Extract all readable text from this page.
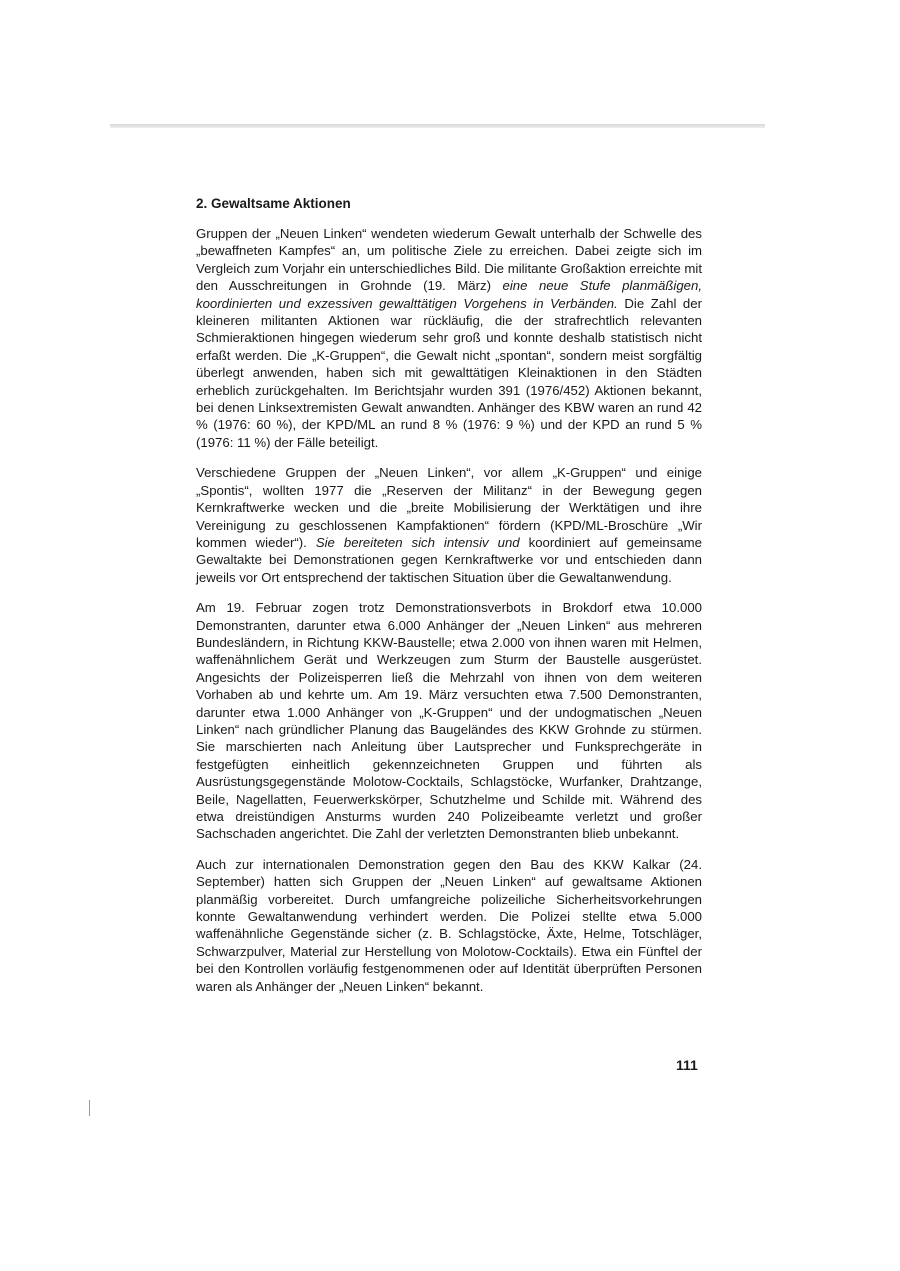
2. Gewaltsame Aktionen

Gruppen der „Neuen Linken“ wendeten wiederum Gewalt unterhalb der Schwelle des „bewaffneten Kampfes“ an, um politische Ziele zu erreichen. Dabei zeigte sich im Vergleich zum Vorjahr ein unterschiedliches Bild. Die militante Großaktion erreichte mit den Ausschreitungen in Grohnde (19. März) eine neue Stufe planmäßigen, koordinierten und exzessiven gewalttätigen Vorgehens in Verbänden. Die Zahl der kleineren militanten Aktionen war rückläufig, die der strafrechtlich relevanten Schmieraktionen hingegen wiederum sehr groß und konnte deshalb statistisch nicht erfaßt werden. Die „K-Gruppen“, die Gewalt nicht „spontan“, sondern meist sorgfältig überlegt anwenden, haben sich mit gewalttätigen Kleinaktionen in den Städten erheblich zurückgehalten. Im Berichtsjahr wurden 391 (1976/452) Aktionen bekannt, bei denen Linksextremisten Gewalt anwandten. Anhänger des KBW waren an rund 42 % (1976: 60 %), der KPD/ML an rund 8 % (1976: 9 %) und der KPD an rund 5 % (1976: 11 %) der Fälle beteiligt.

Verschiedene Gruppen der „Neuen Linken“, vor allem „K-Gruppen“ und einige „Spontis“, wollten 1977 die „Reserven der Militanz“ in der Bewegung gegen Kernkraftwerke wecken und die „breite Mobilisierung der Werktätigen und ihre Vereinigung zu geschlossenen Kampfaktionen“ fördern (KPD/ML-Broschüre „Wir kommen wieder“). Sie bereiteten sich intensiv und koordiniert auf gemeinsame Gewaltakte bei Demonstrationen gegen Kernkraftwerke vor und entschieden dann jeweils vor Ort entsprechend der taktischen Situation über die Gewaltanwendung.

Am 19. Februar zogen trotz Demonstrationsverbots in Brokdorf etwa 10.000 Demonstranten, darunter etwa 6.000 Anhänger der „Neuen Linken“ aus mehreren Bundesländern, in Richtung KKW-Baustelle; etwa 2.000 von ihnen waren mit Helmen, waffenähnlichem Gerät und Werkzeugen zum Sturm der Baustelle ausgerüstet. Angesichts der Polizeisperren ließ die Mehrzahl von ihnen von dem weiteren Vorhaben ab und kehrte um. Am 19. März versuchten etwa 7.500 Demonstranten, darunter etwa 1.000 Anhänger von „K-Gruppen“ und der undogmatischen „Neuen Linken“ nach gründlicher Planung das Baugeländes des KKW Grohnde zu stürmen. Sie marschierten nach Anleitung über Lautsprecher und Funksprechgeräte in festgefügten einheitlich gekennzeichneten Gruppen und führten als Ausrüstungsgegenstände Molotow-Cocktails, Schlagstöcke, Wurfanker, Drahtzange, Beile, Nagellatten, Feuerwerkskörper, Schutzhelme und Schilde mit. Während des etwa dreistündigen Ansturms wurden 240 Polizeibeamte verletzt und großer Sachschaden angerichtet. Die Zahl der verletzten Demonstranten blieb unbekannt.

Auch zur internationalen Demonstration gegen den Bau des KKW Kalkar (24. September) hatten sich Gruppen der „Neuen Linken“ auf gewaltsame Aktionen planmäßig vorbereitet. Durch umfangreiche polizeiliche Sicherheitsvorkehrungen konnte Gewaltanwendung verhindert werden. Die Polizei stellte etwa 5.000 waffenähnliche Gegenstände sicher (z. B. Schlagstöcke, Äxte, Helme, Totschläger, Schwarzpulver, Material zur Herstellung von Molotow-Cocktails). Etwa ein Fünftel der bei den Kontrollen vorläufig festgenommenen oder auf Identität überprüften Personen waren als Anhänger der „Neuen Linken“ bekannt.

111
